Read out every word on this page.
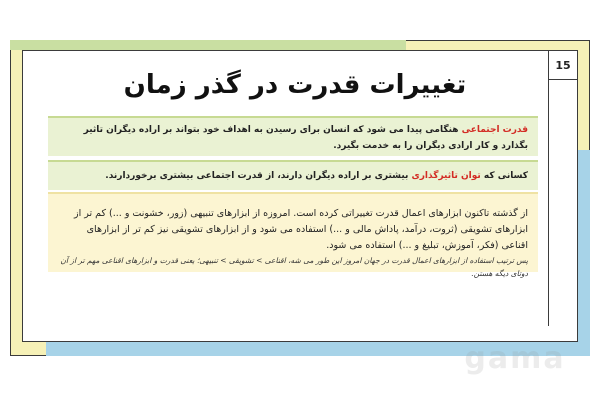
15
تغییرات قدرت در گذر زمان
قدرت اجتماعی هنگامی پیدا می شود که انسان برای رسیدن به اهداف خود بتواند بر اراده دیگران تاثیر بگذارد و کار ارادی دیگران را به خدمت بگیرد.
کسانی که توان تاثیرگذاری بیشتری بر اراده دیگران دارند، از قدرت اجتماعی بیشتری برخوردارند.
از گذشته تاکنون ابزارهای اعمال قدرت تغییراتی کرده است. امروزه از ابزارهای تنبیهی (زور، خشونت و ...) کم تر از ابزارهای تشویقی (ثروت، درآمد، پاداش مالی و ...) استفاده می شود و از ابزارهای تشویقی نیز کم تر از ابزارهای اقناعی (فکر، آموزش، تبلیغ و ...) استفاده می شود.
پس ترتیب استفاده از ابزارهای اعمال قدرت در جهان امروز این طور می شه، اقناعی > تشویقی > تنبیهی؛ یعنی قدرت و ابزارهای اقناعی مهم تر از آن دوتای دیگه هستن.
gama
